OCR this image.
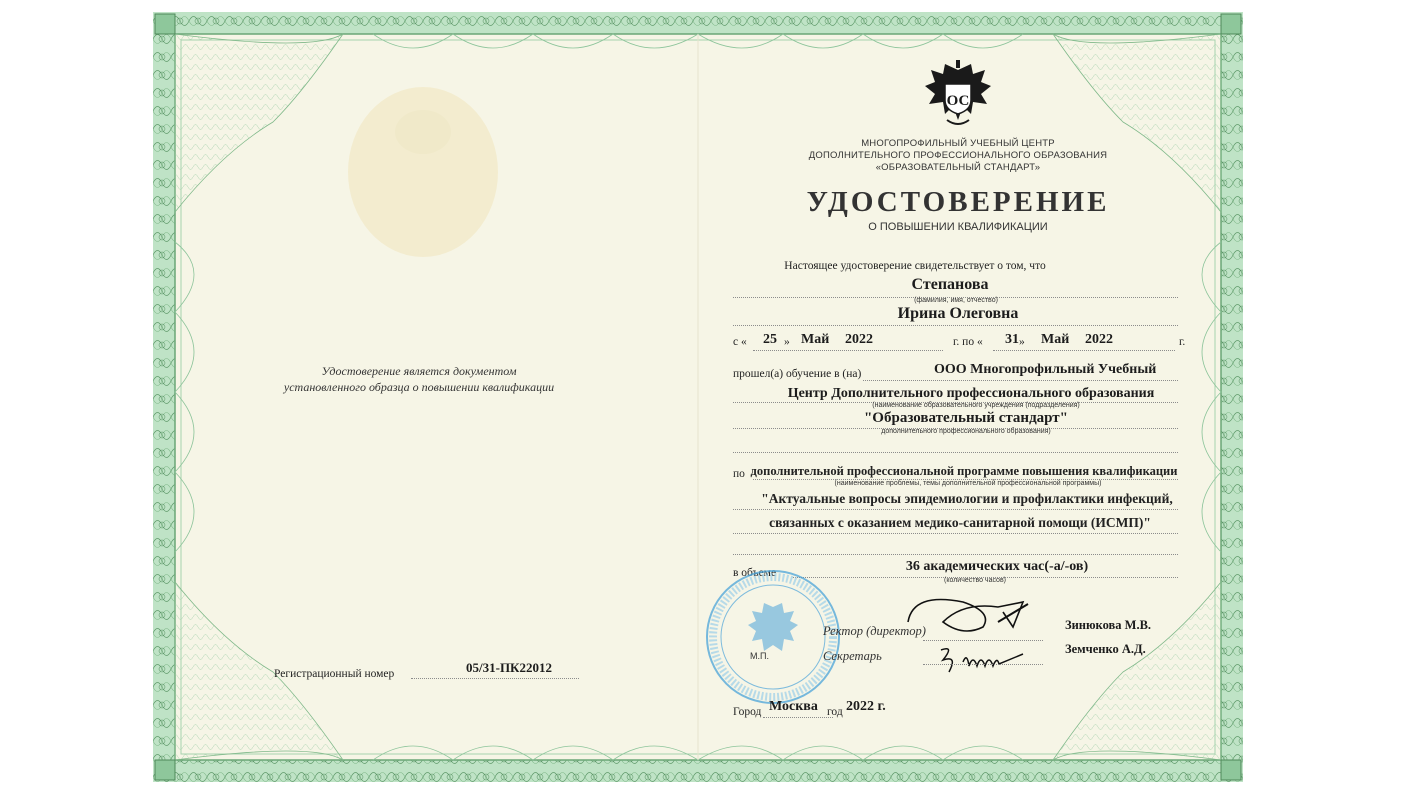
ОС
МНОГОПРОФИЛЬНЫЙ УЧЕБНЫЙ ЦЕНТР
ДОПОЛНИТЕЛЬНОГО ПРОФЕССИОНАЛЬНОГО ОБРАЗОВАНИЯ
«ОБРАЗОВАТЕЛЬНЫЙ СТАНДАРТ»
УДОСТОВЕРЕНИЕ
О ПОВЫШЕНИИ КВАЛИФИКАЦИИ
Настоящее удостоверение свидетельствует о том, что
Степанова
(фамилия, имя, отчество)
Ирина Олеговна
с « 25 » Май 2022	г. по « 31 » Май 2022	г.
прошел(а) обучение в (на)	ООО Многопрофильный Учебный
Центр Дополнительного профессионального образования
(наименование образовательного учреждения (подразделения)
"Образовательный стандарт"
дополнительного профессионального образования)
по дополнительной профессиональной программе повышения квалификации
(наименование проблемы, темы дополнительной профессиональной программы)
"Актуальные вопросы эпидемиологии и профилактики инфекций,
связанных с оказанием медико-санитарной помощи (ИСМП)"
в объеме	36 академических час(-а/-ов)
(количество часов)
М.П.
Ректор (директор)	Зинюкова М.В.
Секретарь	Земченко А.Д.
Город Москва год 2022 г.
Удостоверение является документом
установленного образца о повышении квалификации
Регистрационный номер	05/31-ПК22012
